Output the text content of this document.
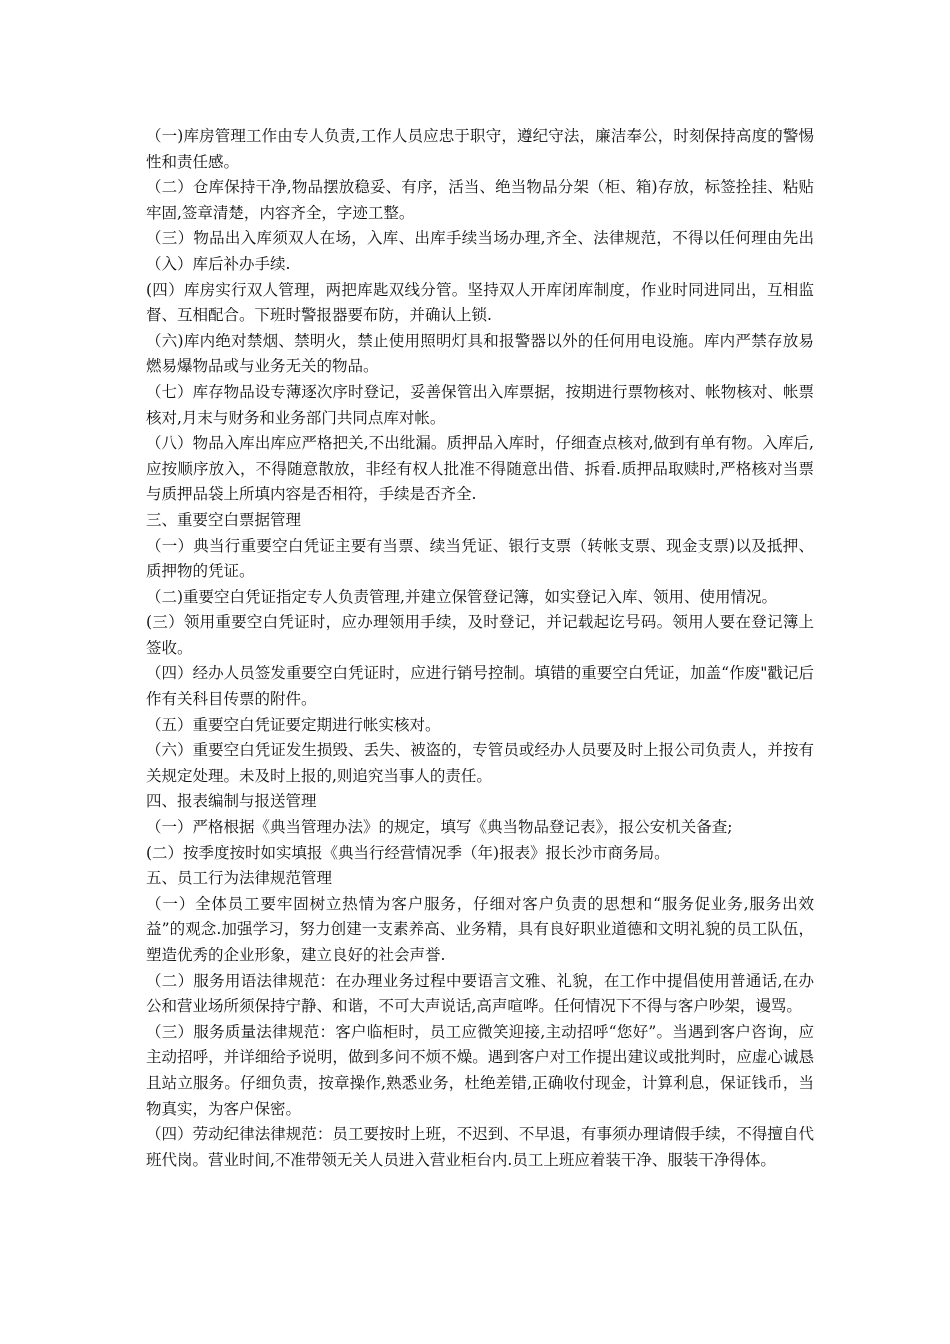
（一)库房管理工作由专人负责,工作人员应忠于职守，遵纪守法，廉洁奉公，时刻保持高度的警惕性和责任感。

（二）仓库保持干净,物品摆放稳妥、有序，活当、绝当物品分架（柜、箱)存放，标签拴挂、粘贴牢固,签章清楚，内容齐全，字迹工整。

（三）物品出入库须双人在场，入库、出库手续当场办理,齐全、法律规范，不得以任何理由先出（入）库后补办手续.

(四）库房实行双人管理，两把库匙双线分管。坚持双人开库闭库制度，作业时同进同出，互相监督、互相配合。下班时警报器要布防，并确认上锁.

（六)库内绝对禁烟、禁明火，禁止使用照明灯具和报警器以外的任何用电设施。库内严禁存放易燃易爆物品或与业务无关的物品。

（七）库存物品设专薄逐次序时登记，妥善保管出入库票据，按期进行票物核对、帐物核对、帐票核对,月末与财务和业务部门共同点库对帐。

（八）物品入库出库应严格把关,不出纰漏。质押品入库时，仔细查点核对,做到有单有物。入库后,应按顺序放入，不得随意散放，非经有权人批准不得随意出借、拆看.质押品取赎时,严格核对当票与质押品袋上所填内容是否相符，手续是否齐全.

三、重要空白票据管理

（一）典当行重要空白凭证主要有当票、续当凭证、银行支票（转帐支票、现金支票)以及抵押、质押物的凭证。

（二)重要空白凭证指定专人负责管理,并建立保管登记簿，如实登记入库、领用、使用情况。

(三）领用重要空白凭证时，应办理领用手续，及时登记，并记载起讫号码。领用人要在登记簿上签收。

（四）经办人员签发重要空白凭证时，应进行销号控制。填错的重要空白凭证，加盖“作废"戳记后作有关科目传票的附件。

（五）重要空白凭证要定期进行帐实核对。

（六）重要空白凭证发生损毁、丢失、被盗的，专管员或经办人员要及时上报公司负责人，并按有关规定处理。未及时上报的,则追究当事人的责任。

四、报表编制与报送管理

（一）严格根据《典当管理办法》的规定，填写《典当物品登记表》，报公安机关备查;

(二）按季度按时如实填报《典当行经营情况季（年)报表》报长沙市商务局。

五、员工行为法律规范管理

（一）全体员工要牢固树立热情为客户服务，仔细对客户负责的思想和“服务促业务,服务出效益”的观念.加强学习，努力创建一支素养高、业务精，具有良好职业道德和文明礼貌的员工队伍，塑造优秀的企业形象，建立良好的社会声誉.

（二）服务用语法律规范：在办理业务过程中要语言文雅、礼貌，在工作中提倡使用普通话,在办公和营业场所须保持宁静、和谐，不可大声说话,高声喧哗。任何情况下不得与客户吵架，谩骂。

（三）服务质量法律规范：客户临柜时，员工应微笑迎接,主动招呼“您好”。当遇到客户咨询，应主动招呼，并详细给予说明，做到多问不烦不燥。遇到客户对工作提出建议或批判时，应虚心诚恳且站立服务。仔细负责，按章操作,熟悉业务，杜绝差错,正确收付现金，计算利息，保证钱币，当物真实，为客户保密。

（四）劳动纪律法律规范：员工要按时上班，不迟到、不早退，有事须办理请假手续，不得擅自代班代岗。营业时间,不准带领无关人员进入营业柜台内.员工上班应着装干净、服装干净得体。
